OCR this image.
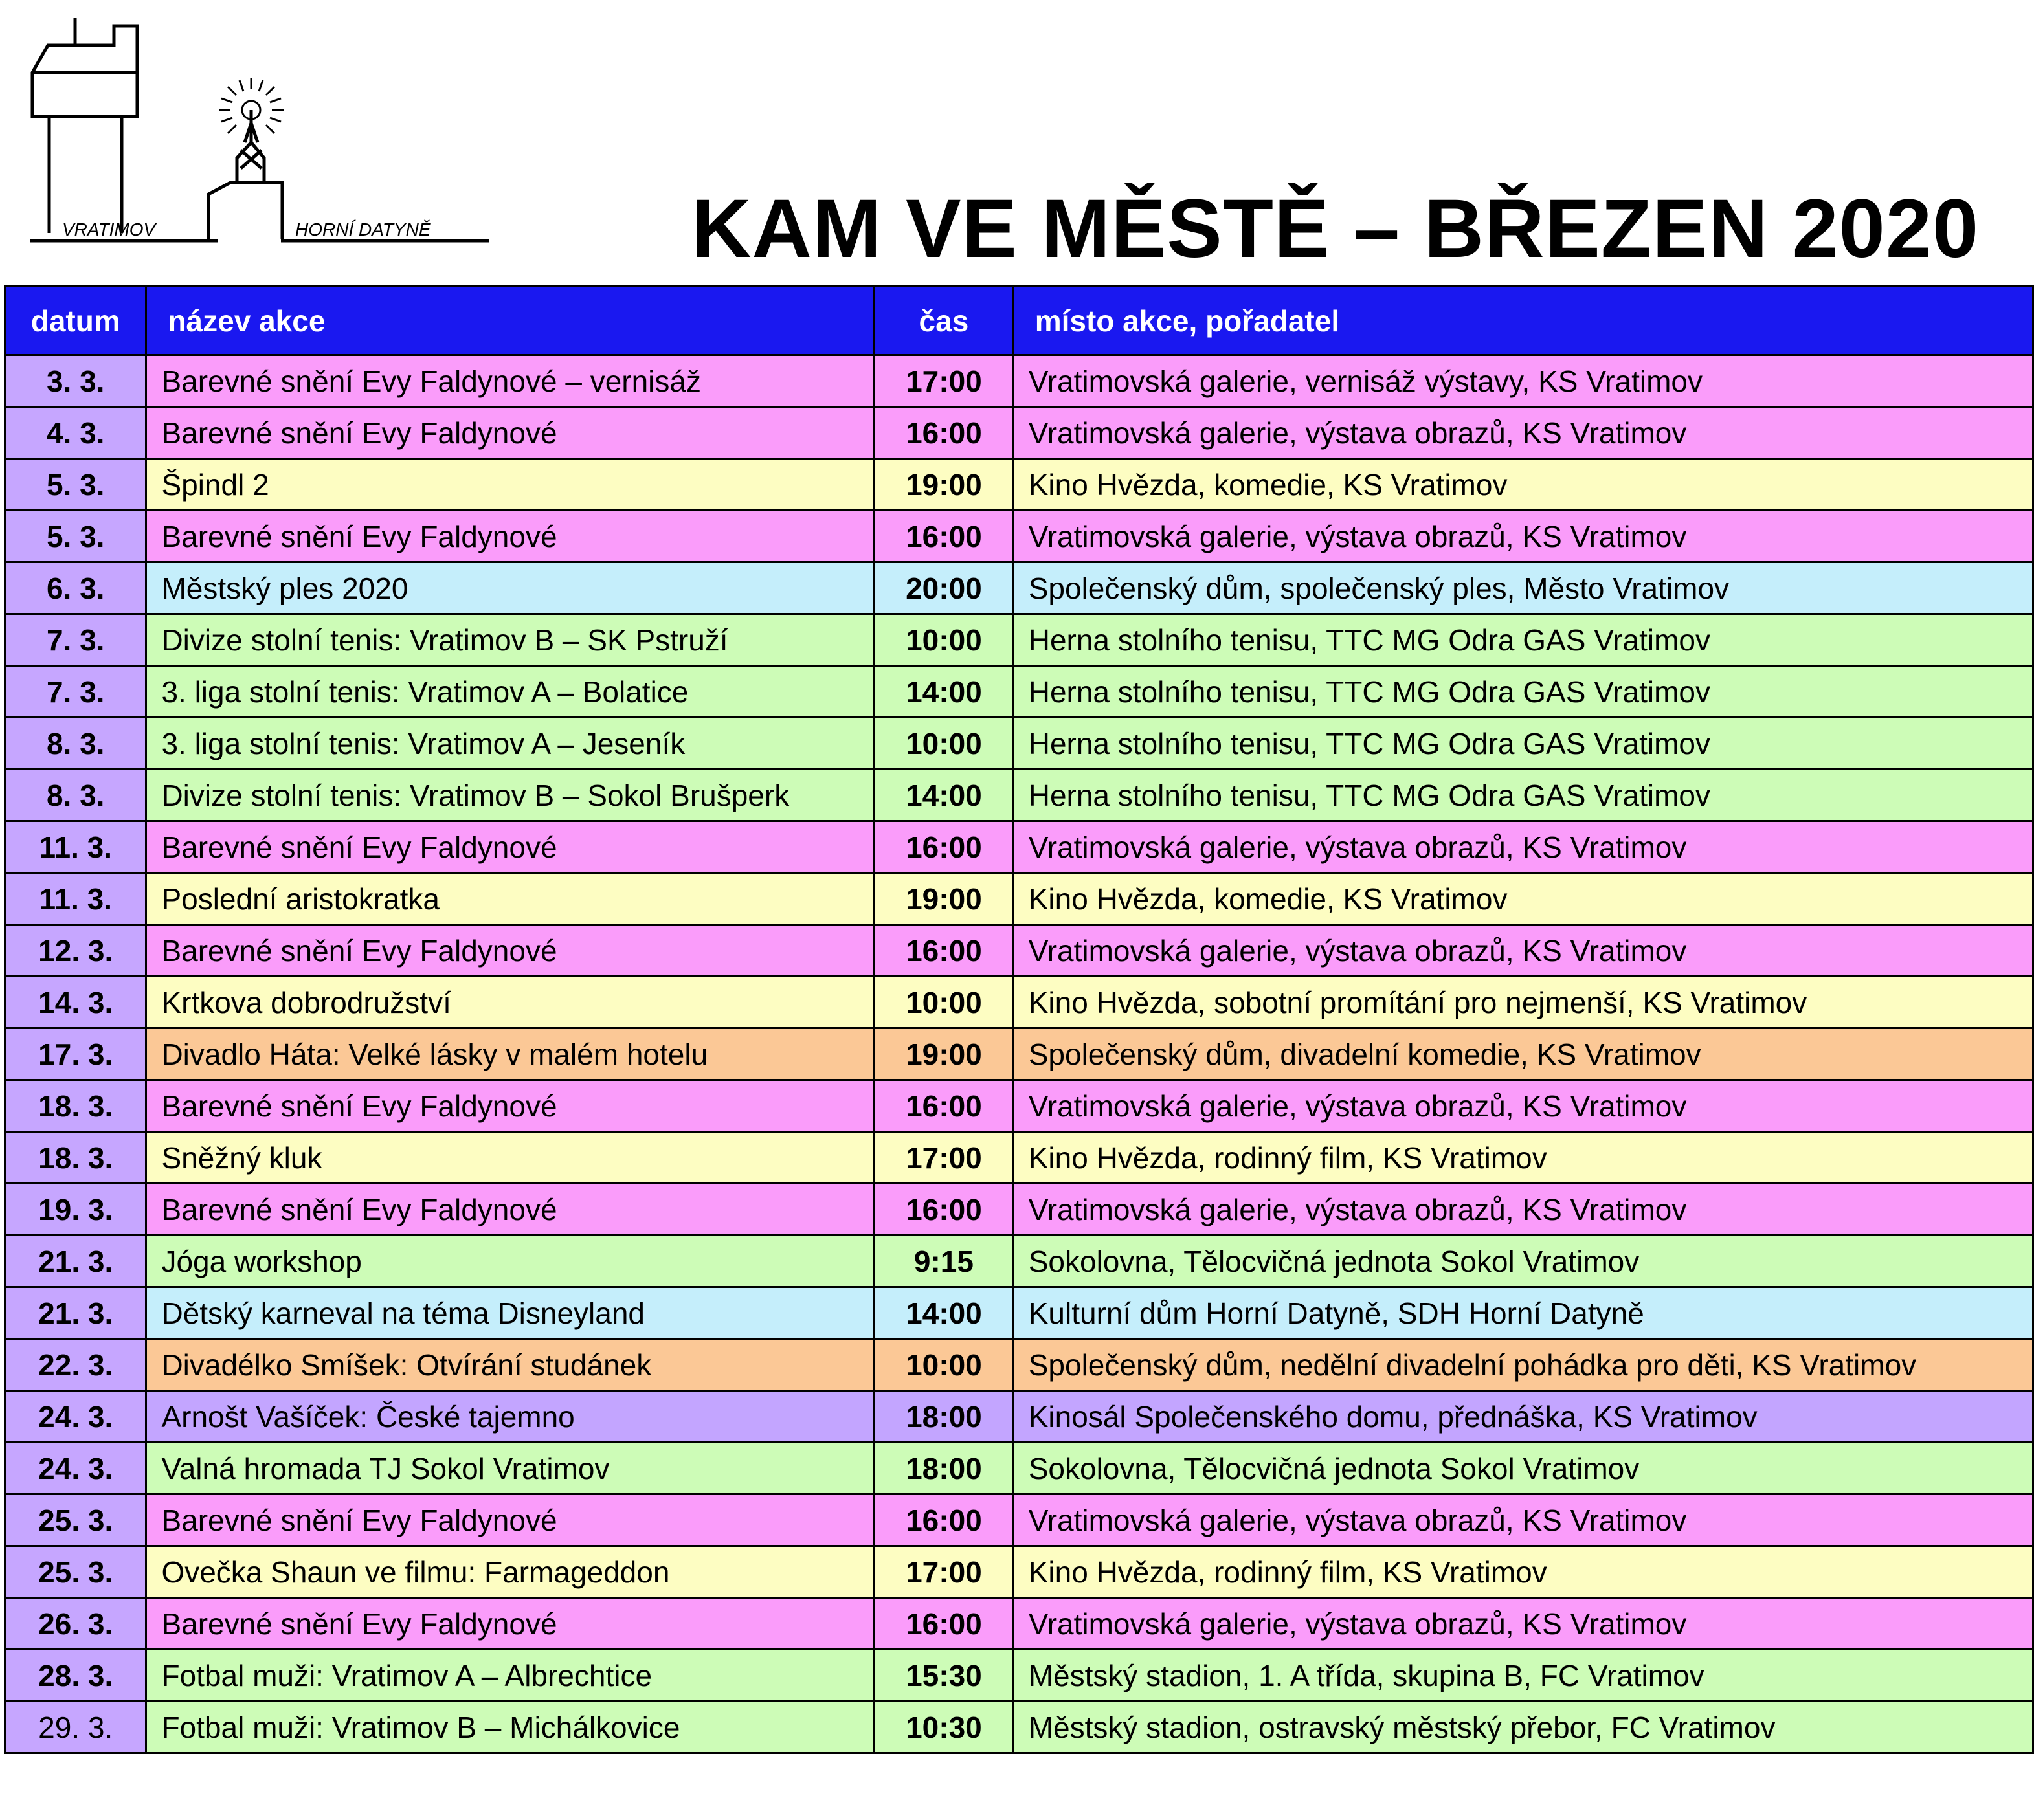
VRATIMOV	HORNÍ DATYNĚ	KAM VE MĚSTĚ – BŘEZEN 2020
datum	název akce	čas	místo akce, pořadatel
3. 3.	Barevné snění Evy Faldynové – vernisáž	17:00	Vratimovská galerie, vernisáž výstavy, KS Vratimov
4. 3.	Barevné snění Evy Faldynové	16:00	Vratimovská galerie, výstava obrazů, KS Vratimov
5. 3.	Špindl 2	19:00	Kino Hvězda, komedie, KS Vratimov
5. 3.	Barevné snění Evy Faldynové	16:00	Vratimovská galerie, výstava obrazů, KS Vratimov
6. 3.	Městský ples 2020	20:00	Společenský dům, společenský ples, Město Vratimov
7. 3.	Divize stolní tenis: Vratimov B – SK Pstruží	10:00	Herna stolního tenisu, TTC MG Odra GAS Vratimov
7. 3.	3. liga stolní tenis: Vratimov A – Bolatice	14:00	Herna stolního tenisu, TTC MG Odra GAS Vratimov
8. 3.	3. liga stolní tenis: Vratimov A – Jeseník	10:00	Herna stolního tenisu, TTC MG Odra GAS Vratimov
8. 3.	Divize stolní tenis: Vratimov B – Sokol Brušperk	14:00	Herna stolního tenisu, TTC MG Odra GAS Vratimov
11. 3.	Barevné snění Evy Faldynové	16:00	Vratimovská galerie, výstava obrazů, KS Vratimov
11. 3.	Poslední aristokratka	19:00	Kino Hvězda, komedie, KS Vratimov
12. 3.	Barevné snění Evy Faldynové	16:00	Vratimovská galerie, výstava obrazů, KS Vratimov
14. 3.	Krtkova dobrodružství	10:00	Kino Hvězda, sobotní promítání pro nejmenší, KS Vratimov
17. 3.	Divadlo Háta: Velké lásky v malém hotelu	19:00	Společenský dům, divadelní komedie, KS Vratimov
18. 3.	Barevné snění Evy Faldynové	16:00	Vratimovská galerie, výstava obrazů, KS Vratimov
18. 3.	Sněžný kluk	17:00	Kino Hvězda, rodinný film, KS Vratimov
19. 3.	Barevné snění Evy Faldynové	16:00	Vratimovská galerie, výstava obrazů, KS Vratimov
21. 3.	Jóga workshop	9:15	Sokolovna, Tělocvičná jednota Sokol Vratimov
21. 3.	Dětský karneval na téma Disneyland	14:00	Kulturní dům Horní Datyně, SDH Horní Datyně
22. 3.	Divadélko Smíšek: Otvírání studánek	10:00	Společenský dům, nedělní divadelní pohádka pro děti, KS Vratimov
24. 3.	Arnošt Vašíček: České tajemno	18:00	Kinosál Společenského domu, přednáška, KS Vratimov
24. 3.	Valná hromada TJ Sokol Vratimov	18:00	Sokolovna, Tělocvičná jednota Sokol Vratimov
25. 3.	Barevné snění Evy Faldynové	16:00	Vratimovská galerie, výstava obrazů, KS Vratimov
25. 3.	Ovečka Shaun ve filmu: Farmageddon	17:00	Kino Hvězda, rodinný film, KS Vratimov
26. 3.	Barevné snění Evy Faldynové	16:00	Vratimovská galerie, výstava obrazů, KS Vratimov
28. 3.	Fotbal muži: Vratimov A – Albrechtice	15:30	Městský stadion, 1. A třída, skupina B, FC Vratimov
29. 3.	Fotbal muži: Vratimov B – Michálkovice	10:30	Městský stadion, ostravský městský přebor, FC Vratimov
